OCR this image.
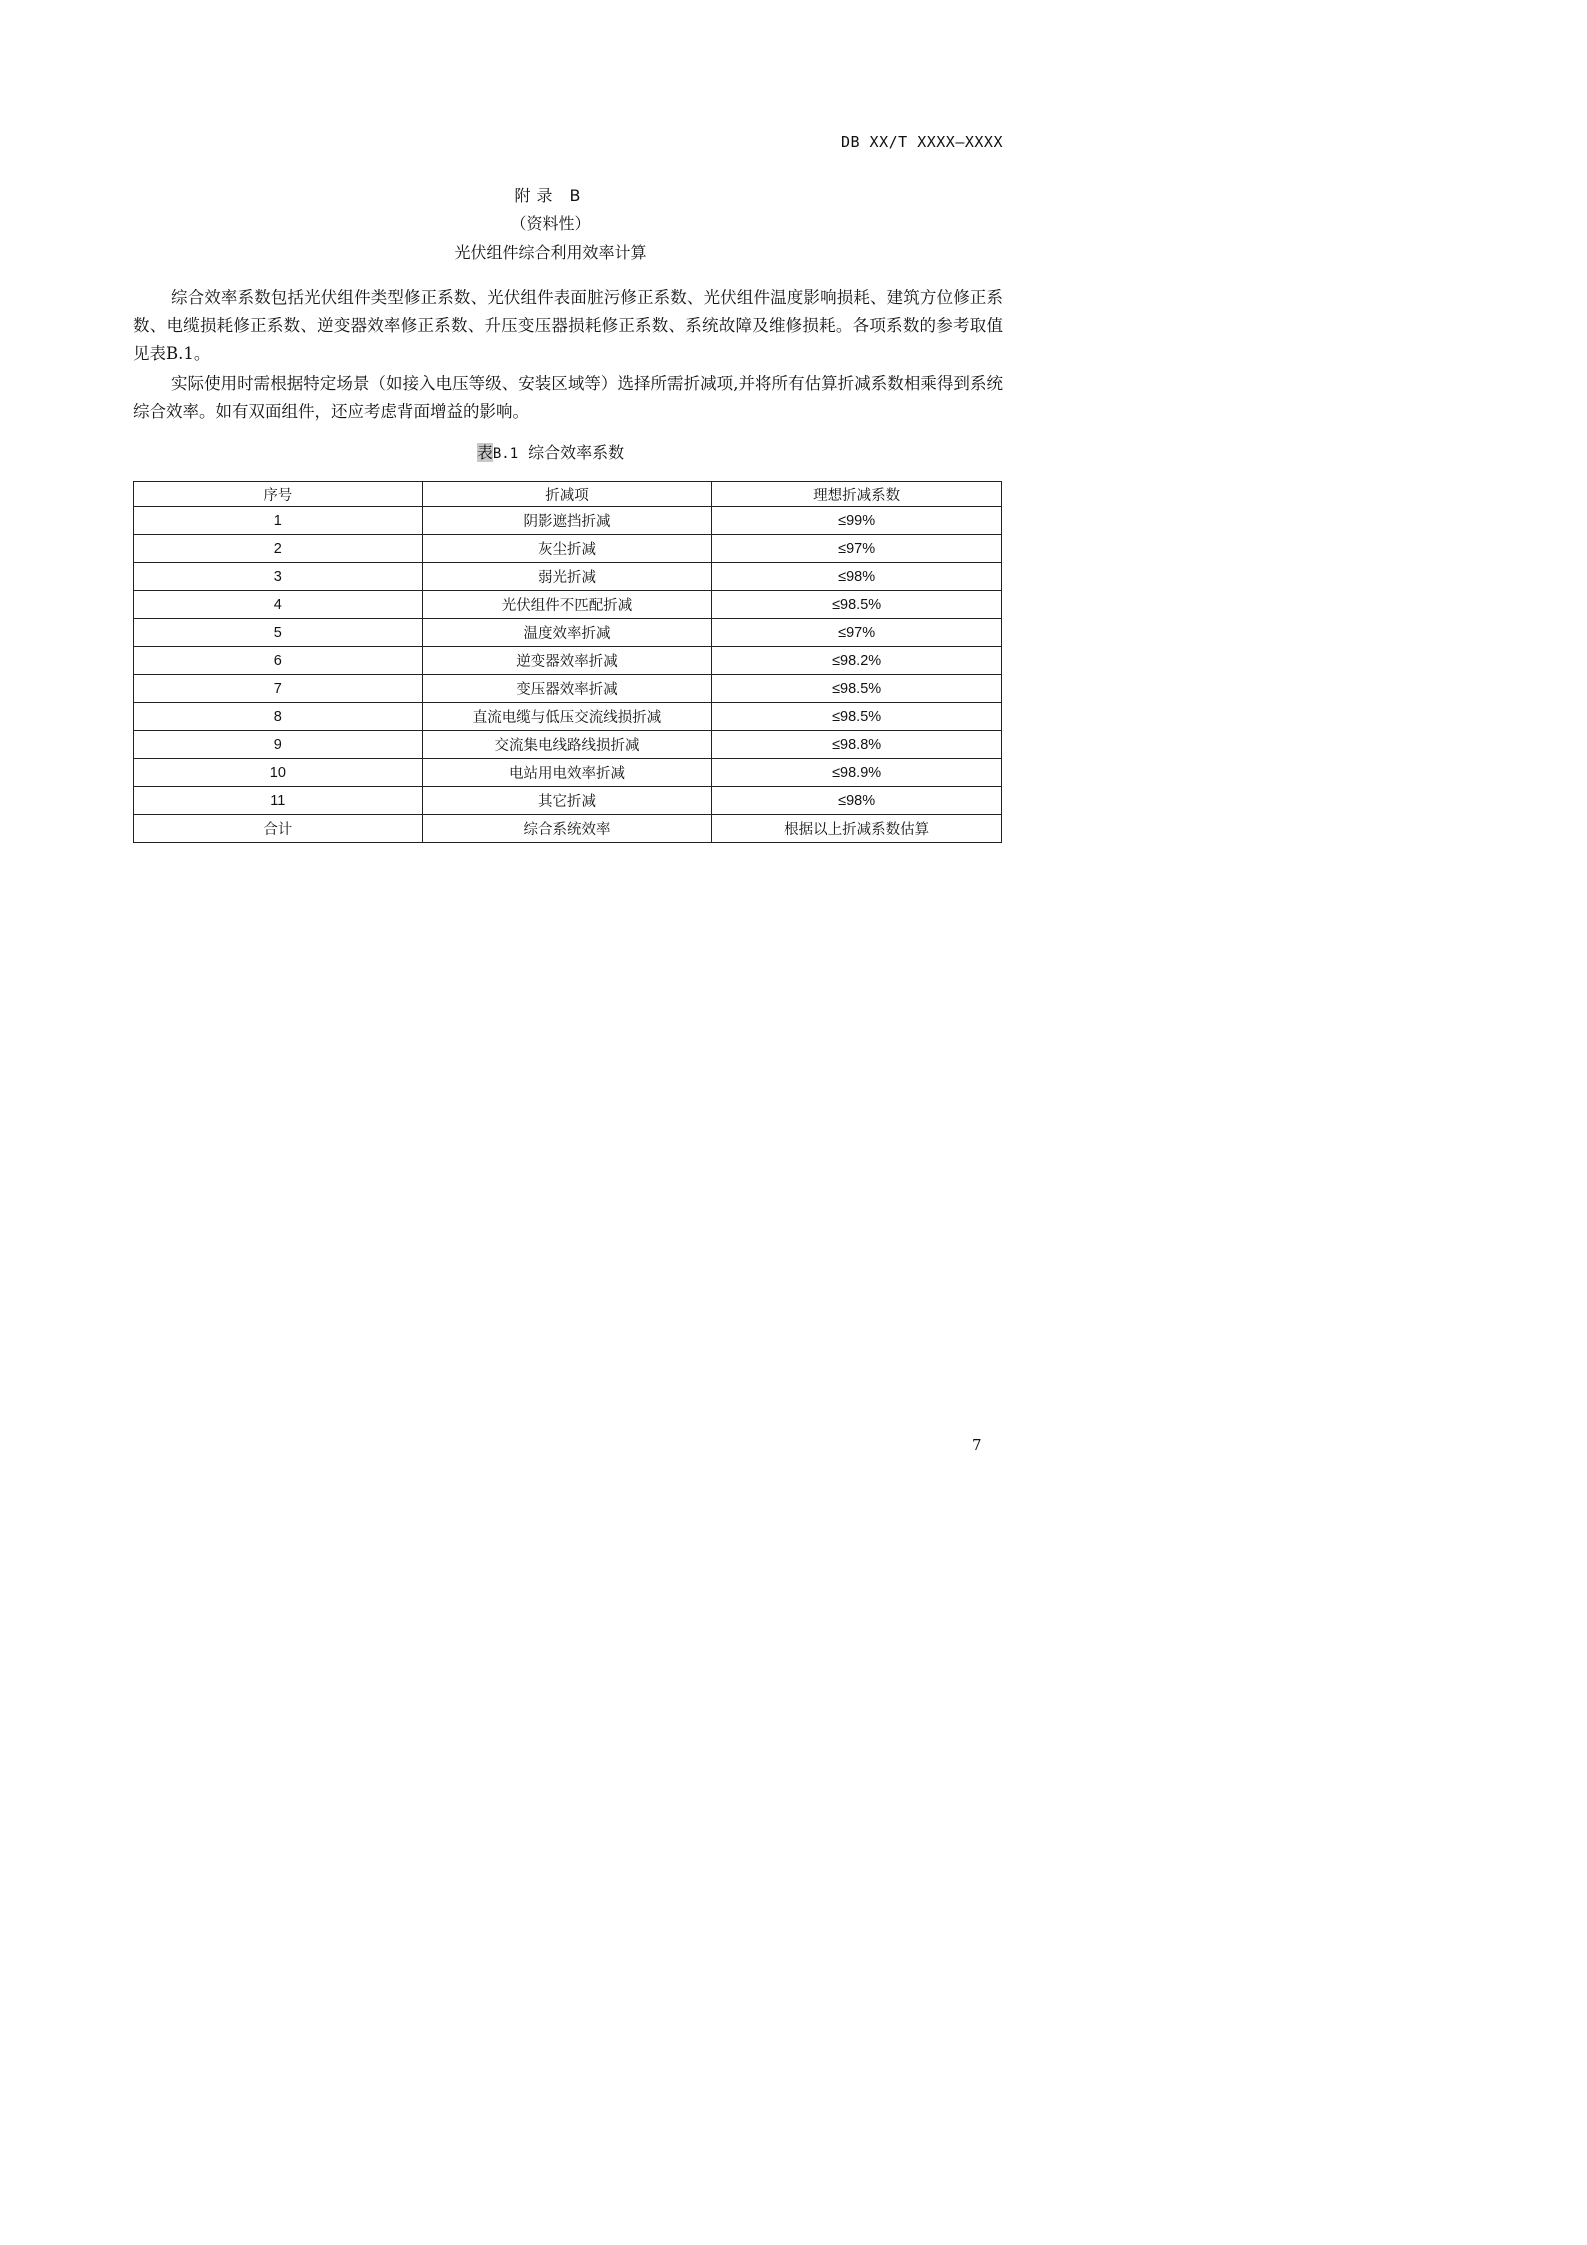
DB XX/T XXXX—XXXX
附录 B
（资料性）
光伏组件综合利用效率计算

综合效率系数包括光伏组件类型修正系数、光伏组件表面脏污修正系数、光伏组件温度影响损耗、建筑方位修正系数、电缆损耗修正系数、逆变器效率修正系数、升压变压器损耗修正系数、系统故障及维修损耗。各项系数的参考取值见表B.1。

实际使用时需根据特定场景（如接入电压等级、安装区域等）选择所需折减项,并将所有估算折减系数相乘得到系统综合效率。如有双面组件，还应考虑背面增益的影响。

表B.1 综合效率系数
序号	折减项	理想折减系数
1	阴影遮挡折减	≤99%
2	灰尘折减	≤97%
3	弱光折减	≤98%
4	光伏组件不匹配折减	≤98.5%
5	温度效率折减	≤97%
6	逆变器效率折减	≤98.2%
7	变压器效率折减	≤98.5%
8	直流电缆与低压交流线损折减	≤98.5%
9	交流集电线路线损折减	≤98.8%
10	电站用电效率折减	≤98.9%
11	其它折减	≤98%
合计	综合系统效率	根据以上折减系数估算
7
